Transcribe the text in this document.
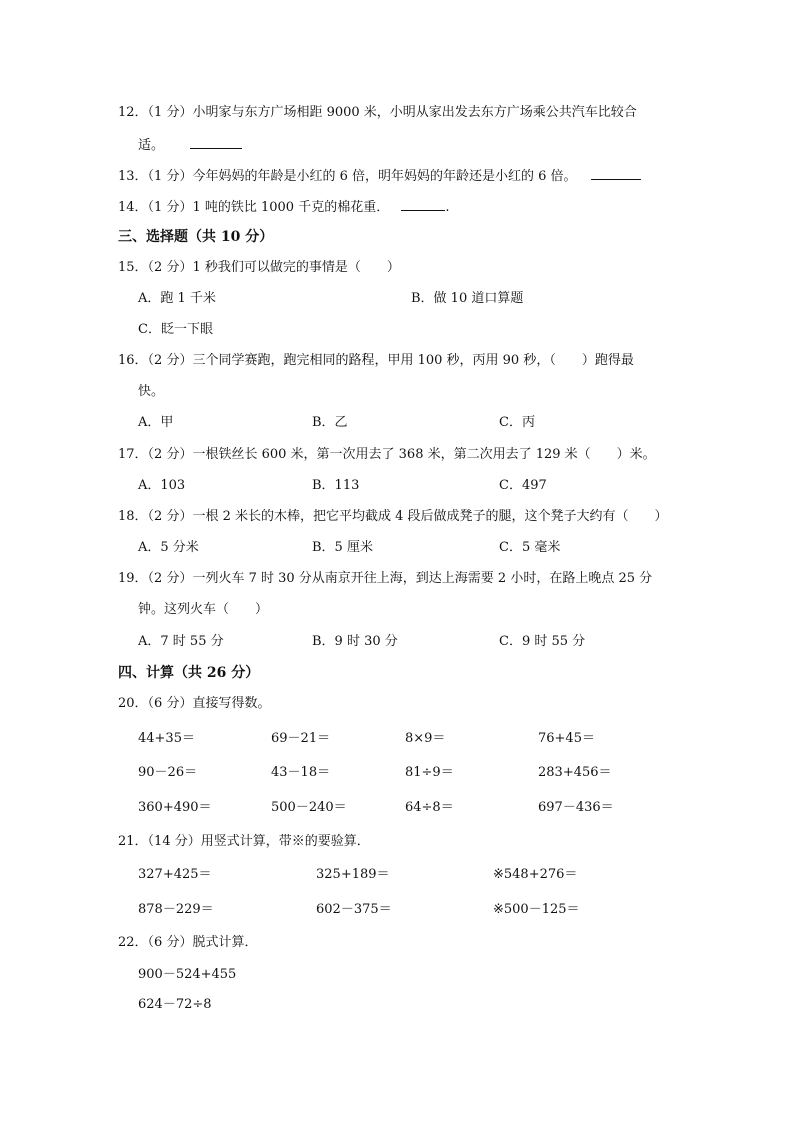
12．（1 分）小明家与东方广场相距 9000 米，小明从家出发去东方广场乘公共汽车比较合
适。
13．（1 分）今年妈妈的年龄是小红的 6 倍，明年妈妈的年龄还是小红的 6 倍。
14．（1 分）1 吨的铁比 1000 千克的棉花重．	.
三、选择题（共 10 分）
15．（2 分）1 秒我们可以做完的事情是（　　）
A．跑 1 千米	B．做 10 道口算题
C．眨一下眼
16．（2 分）三个同学赛跑，跑完相同的路程，甲用 100 秒，丙用 90 秒，（　　）跑得最
快。
A．甲	B．乙	C．丙
17．（2 分）一根铁丝长 600 米，第一次用去了 368 米，第二次用去了 129 米（　　）米。
A．103	B．113	C．497
18．（2 分）一根 2 米长的木棒，把它平均截成 4 段后做成凳子的腿，这个凳子大约有（　　）
A．5 分米	B．5 厘米	C．5 毫米
19．（2 分）一列火车 7 时 30 分从南京开往上海，到达上海需要 2 小时，在路上晚点 25 分
钟。这列火车（　　）
A．7 时 55 分	B．9 时 30 分	C．9 时 55 分
四、计算（共 26 分）
20．（6 分）直接写得数。
44+35＝	69－21＝	8×9＝	76+45＝
90－26＝	43－18＝	81÷9＝	283+456＝
360+490＝	500－240＝	64÷8＝	697－436＝
21．（14 分）用竖式计算，带※的要验算．
327+425＝	325+189＝	※548+276＝
878－229＝	602－375＝	※500－125＝
22．（6 分）脱式计算．
900－524+455
624－72÷8
